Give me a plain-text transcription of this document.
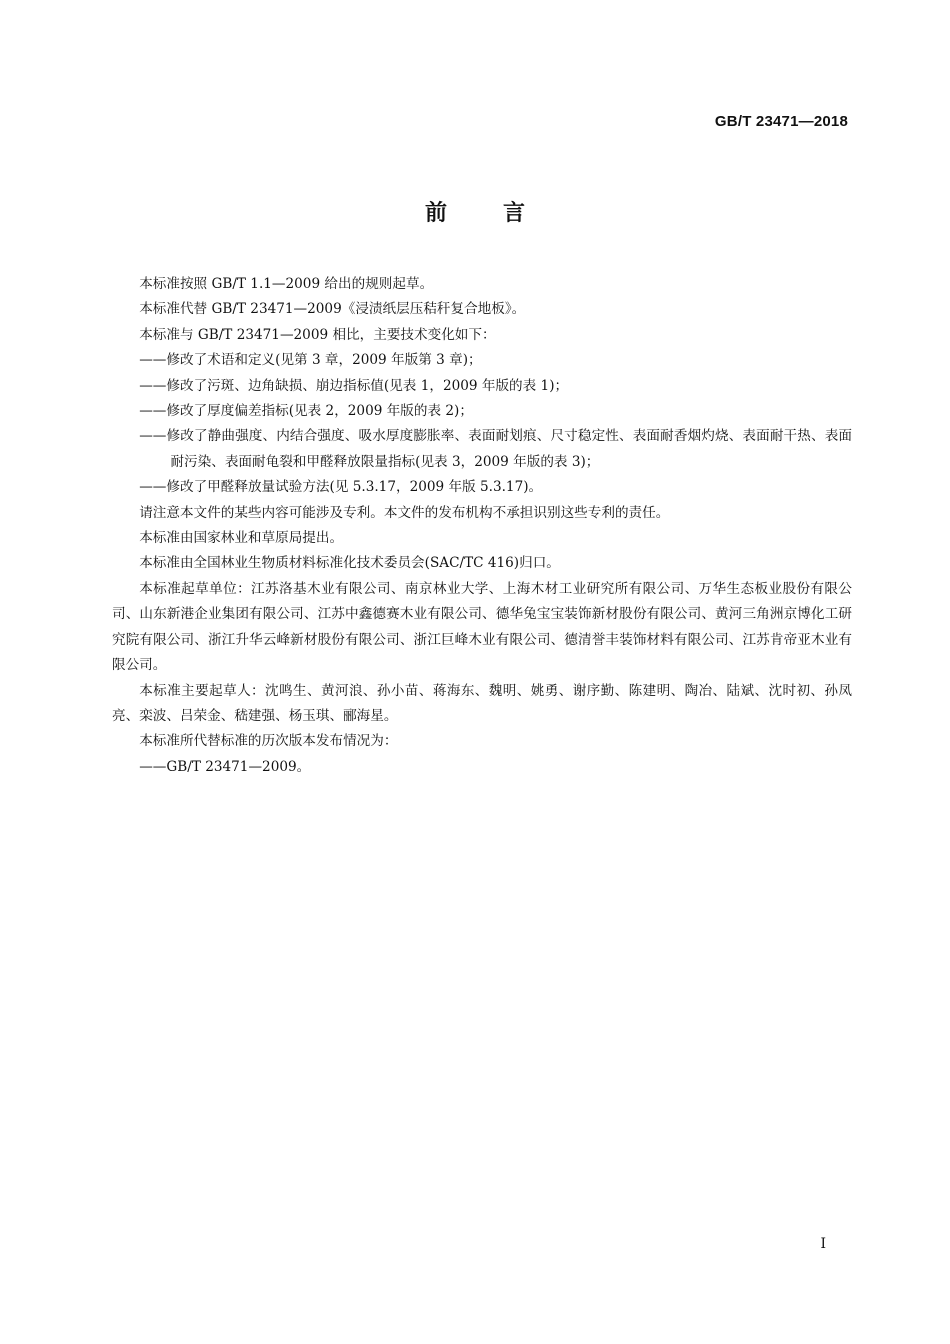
GB/T 23471—2018
前言

本标准按照 GB/T 1.1—2009 给出的规则起草。

本标准代替 GB/T 23471—2009《浸渍纸层压秸秆复合地板》。

本标准与 GB/T 23471—2009 相比，主要技术变化如下：

——修改了术语和定义(见第 3 章，2009 年版第 3 章)；

——修改了污斑、边角缺损、崩边指标值(见表 1，2009 年版的表 1)；

——修改了厚度偏差指标(见表 2，2009 年版的表 2)；

——修改了静曲强度、内结合强度、吸水厚度膨胀率、表面耐划痕、尺寸稳定性、表面耐香烟灼烧、表面耐干热、表面耐污染、表面耐龟裂和甲醛释放限量指标(见表 3，2009 年版的表 3)；

——修改了甲醛释放量试验方法(见 5.3.17，2009 年版 5.3.17)。

请注意本文件的某些内容可能涉及专利。本文件的发布机构不承担识别这些专利的责任。

本标准由国家林业和草原局提出。

本标准由全国林业生物质材料标准化技术委员会(SAC/TC 416)归口。

本标准起草单位：江苏洛基木业有限公司、南京林业大学、上海木材工业研究所有限公司、万华生态板业股份有限公司、山东新港企业集团有限公司、江苏中鑫德赛木业有限公司、德华兔宝宝装饰新材股份有限公司、黄河三角洲京博化工研究院有限公司、浙江升华云峰新材股份有限公司、浙江巨峰木业有限公司、德清誉丰装饰材料有限公司、江苏肯帝亚木业有限公司。

本标准主要起草人：沈鸣生、黄河浪、孙小苗、蒋海东、魏明、姚勇、谢序勤、陈建明、陶冶、陆斌、沈时初、孙凤亮、栾波、吕荣金、嵇建强、杨玉琪、郦海星。

本标准所代替标准的历次版本发布情况为：

——GB/T 23471—2009。

I
